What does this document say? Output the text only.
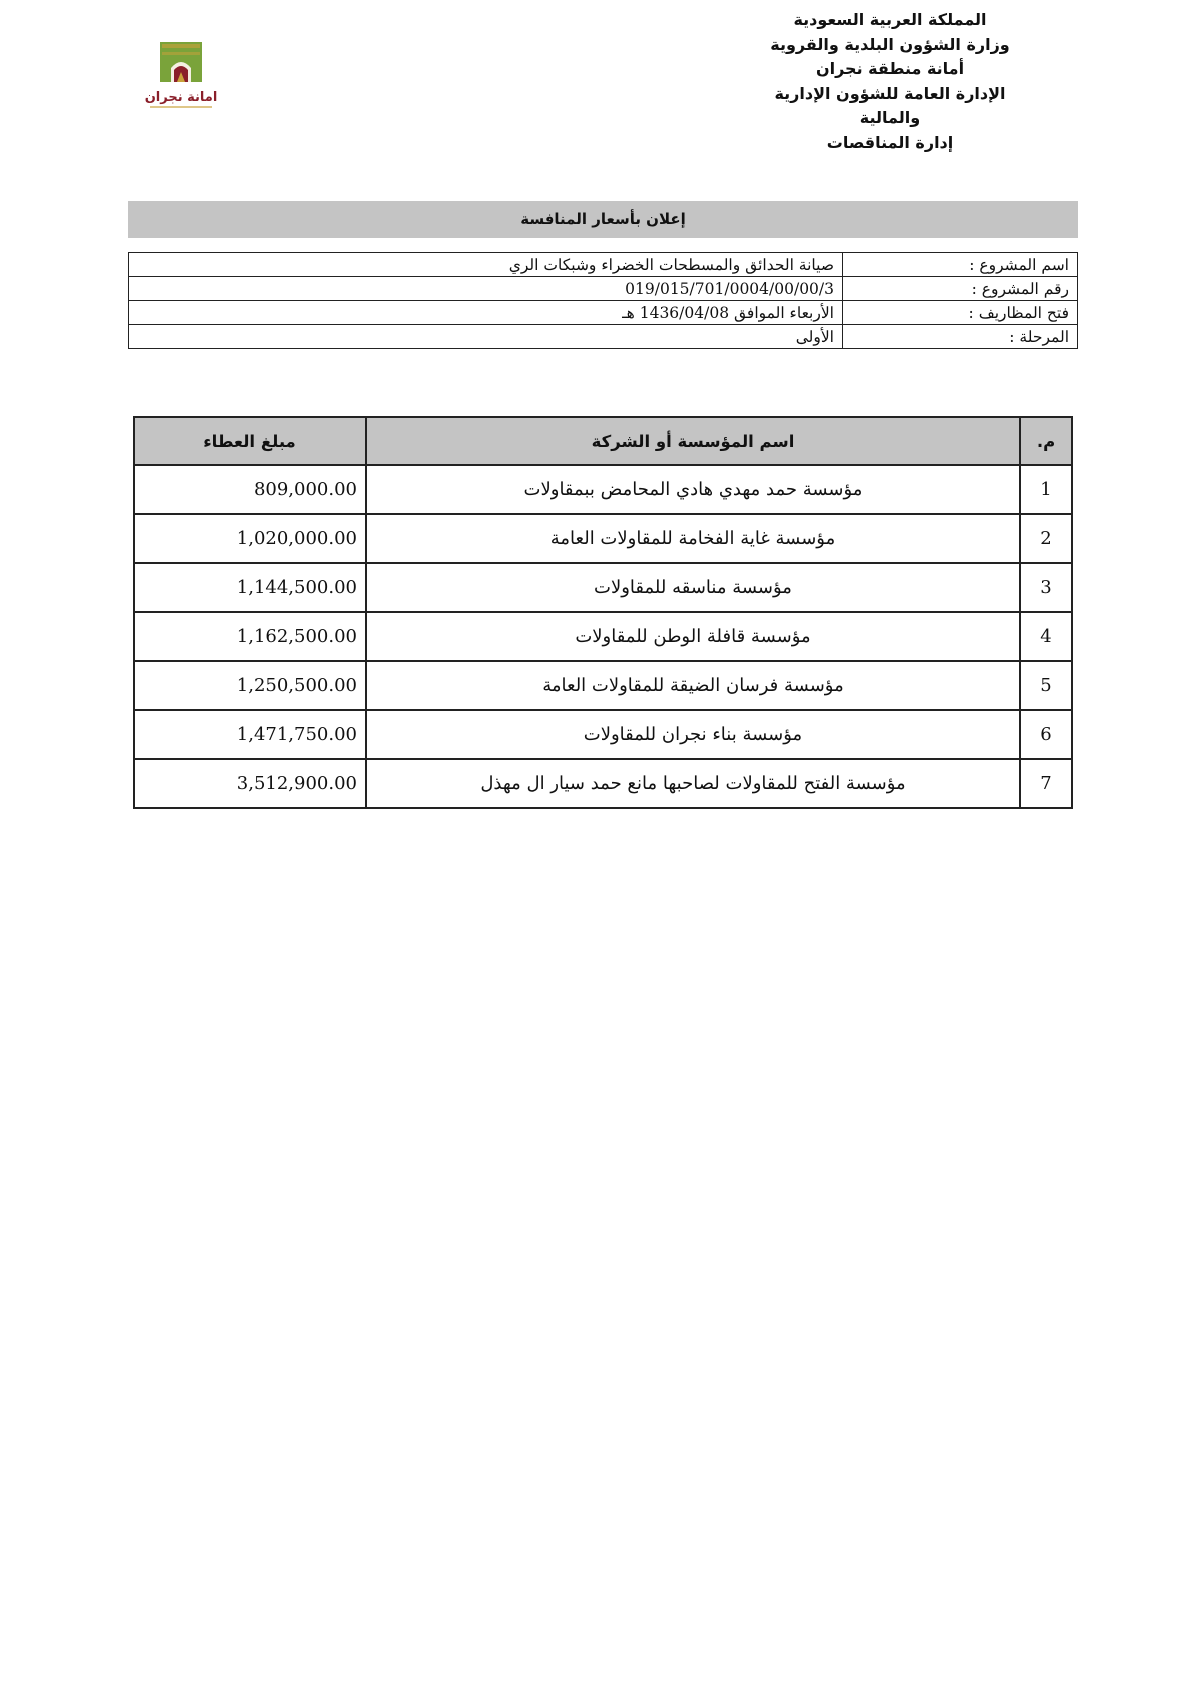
المملكة العربية السعودية
وزارة الشؤون البلدية والقروية
أمانة منطقة نجران
الإدارة العامة للشؤون الإدارية
والمالية
إدارة المناقصات
امانة نجران
إعلان بأسعار المنافسة
اسم المشروع :	صيانة الحدائق والمسطحات الخضراء وشبكات الري
رقم المشروع :	019/015/701/0004/00/00/3
فتح المظاريف :	الأربعاء الموافق 1436/04/08 هـ
المرحلة :	الأولى
م.	اسم المؤسسة أو الشركة	مبلغ العطاء
1	مؤسسة حمد مهدي هادي المحامض ببمقاولات	809,000.00
2	مؤسسة غاية الفخامة للمقاولات العامة	1,020,000.00
3	مؤسسة مناسقه للمقاولات	1,144,500.00
4	مؤسسة قافلة الوطن للمقاولات	1,162,500.00
5	مؤسسة فرسان الضيقة للمقاولات العامة	1,250,500.00
6	مؤسسة بناء نجران للمقاولات	1,471,750.00
7	مؤسسة الفتح للمقاولات لصاحبها مانع حمد سيار ال مهذل	3,512,900.00
